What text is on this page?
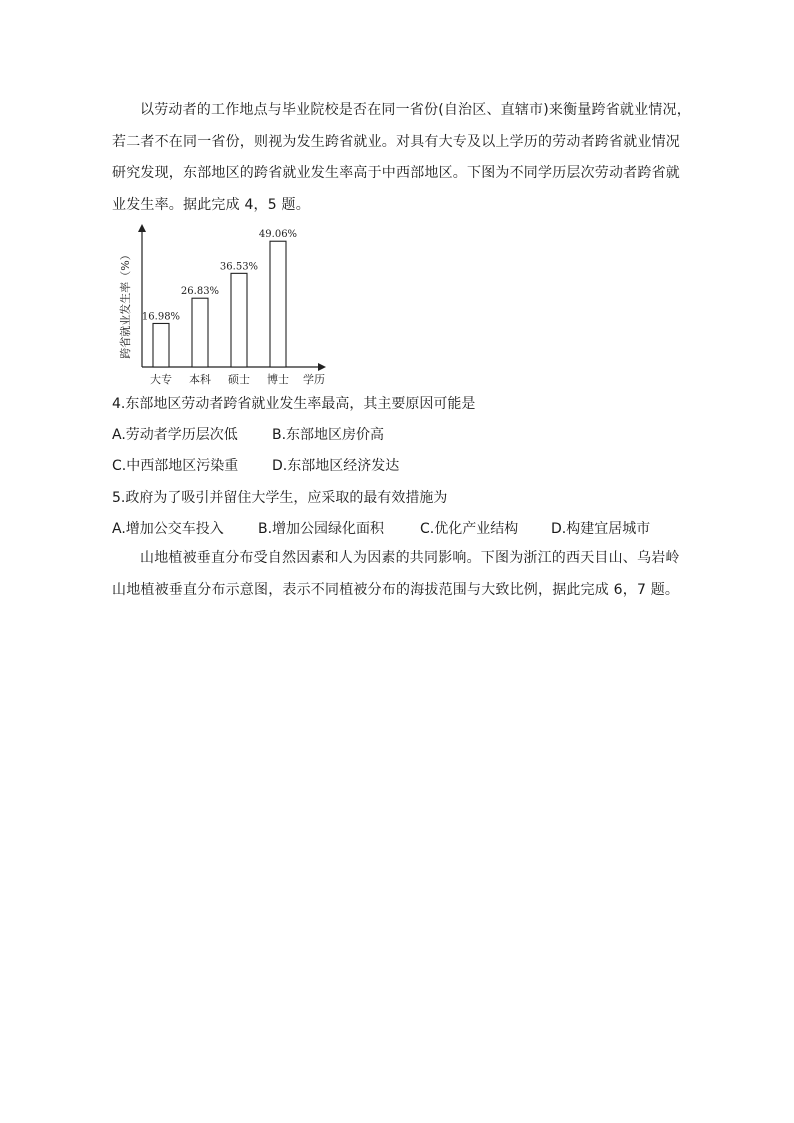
以劳动者的工作地点与毕业院校是否在同一省份(自治区、直辖市)来衡量跨省就业情况，若二者不在同一省份，则视为发生跨省就业。对具有大专及以上学历的劳动者跨省就业情况研究发现，东部地区的跨省就业发生率高于中西部地区。下图为不同学历层次劳动者跨省就业发生率。据此完成 4，5 题。

跨省就业发生率（%）
学历
16.98%
大专
26.83%
本科
36.53%
硕士
49.06%
博士
4.东部地区劳动者跨省就业发生率最高，其主要原因可能是
A.劳动者学历层次低 B.东部地区房价高
C.中西部地区污染重 D.东部地区经济发达
5.政府为了吸引并留住大学生，应采取的最有效措施为
A.增加公交车投入 B.增加公园绿化面积	C.优化产业结构 D.构建宜居城市

山地植被垂直分布受自然因素和人为因素的共同影响。下图为浙江的西天目山、乌岩岭山地植被垂直分布示意图，表示不同植被分布的海拔范围与大致比例，据此完成 6，7 题。
